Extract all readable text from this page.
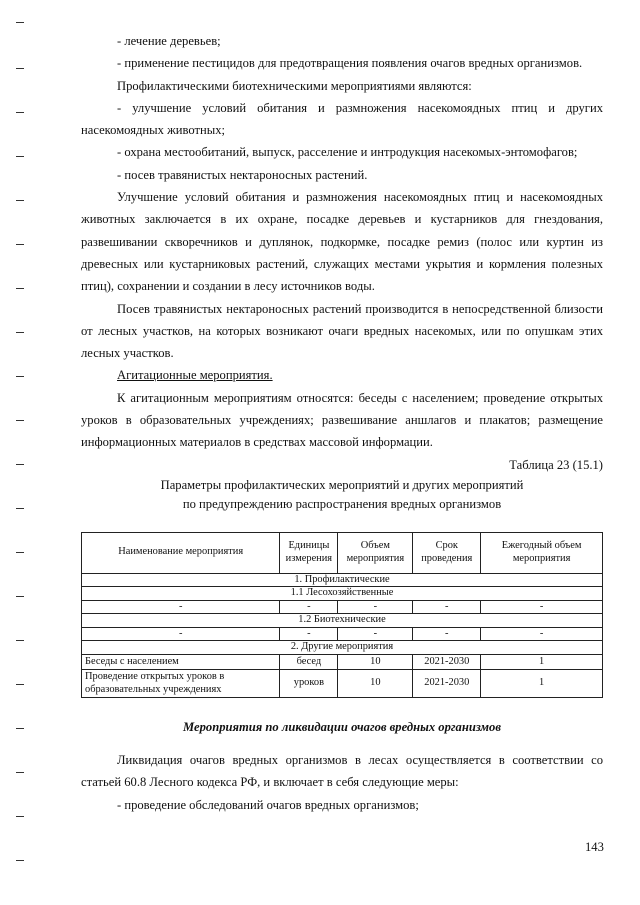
- лечение деревьев;

- применение пестицидов для предотвращения появления очагов вредных организмов.

Профилактическими биотехническими мероприятиями являются:

- улучшение условий обитания и размножения насекомоядных птиц и других насекомоядных животных;

- охрана местообитаний, выпуск, расселение и интродукция насекомых-энтомофагов;

- посев травянистых нектароносных растений.

Улучшение условий обитания и размножения насекомоядных птиц и насекомоядных животных заключается в их охране, посадке деревьев и кустарников для гнездования, развешивании скворечников и дуплянок, подкормке, посадке ремиз (полос или куртин из древесных или кустарниковых растений, служащих местами укрытия и кормления полезных птиц), сохранении и создании в лесу источников воды.

Посев травянистых нектароносных растений производится в непосредственной близости от лесных участков, на которых возникают очаги вредных насекомых, или по опушкам этих лесных участков.

Агитационные мероприятия.

К агитационным мероприятиям относятся: беседы с населением; проведение открытых уроков в образовательных учреждениях; развешивание аншлагов и плакатов; размещение информационных материалов в средствах массовой информации.

Таблица 23 (15.1)
Параметры профилактических мероприятий и других мероприятий
по предупреждению распространения вредных организмов
Наименование мероприятия	Единицы измерения	Объем мероприятия	Срок проведения	Ежегодный объем мероприятия
1. Профилактические				
1.1 Лесохозяйственные				
-	-	-	-	-
1.2 Биотехнические				
-	-	-	-	-
2. Другие мероприятия				
Беседы с населением	бесед	10	2021-2030	1
Проведение открытых уроков в образовательных учреждениях	уроков	10	2021-2030	1
Мероприятия по ликвидации очагов вредных организмов

Ликвидация очагов вредных организмов в лесах осуществляется в соответствии со статьей 60.8 Лесного кодекса РФ, и включает в себя следующие меры:

- проведение обследований очагов вредных организмов;

143
